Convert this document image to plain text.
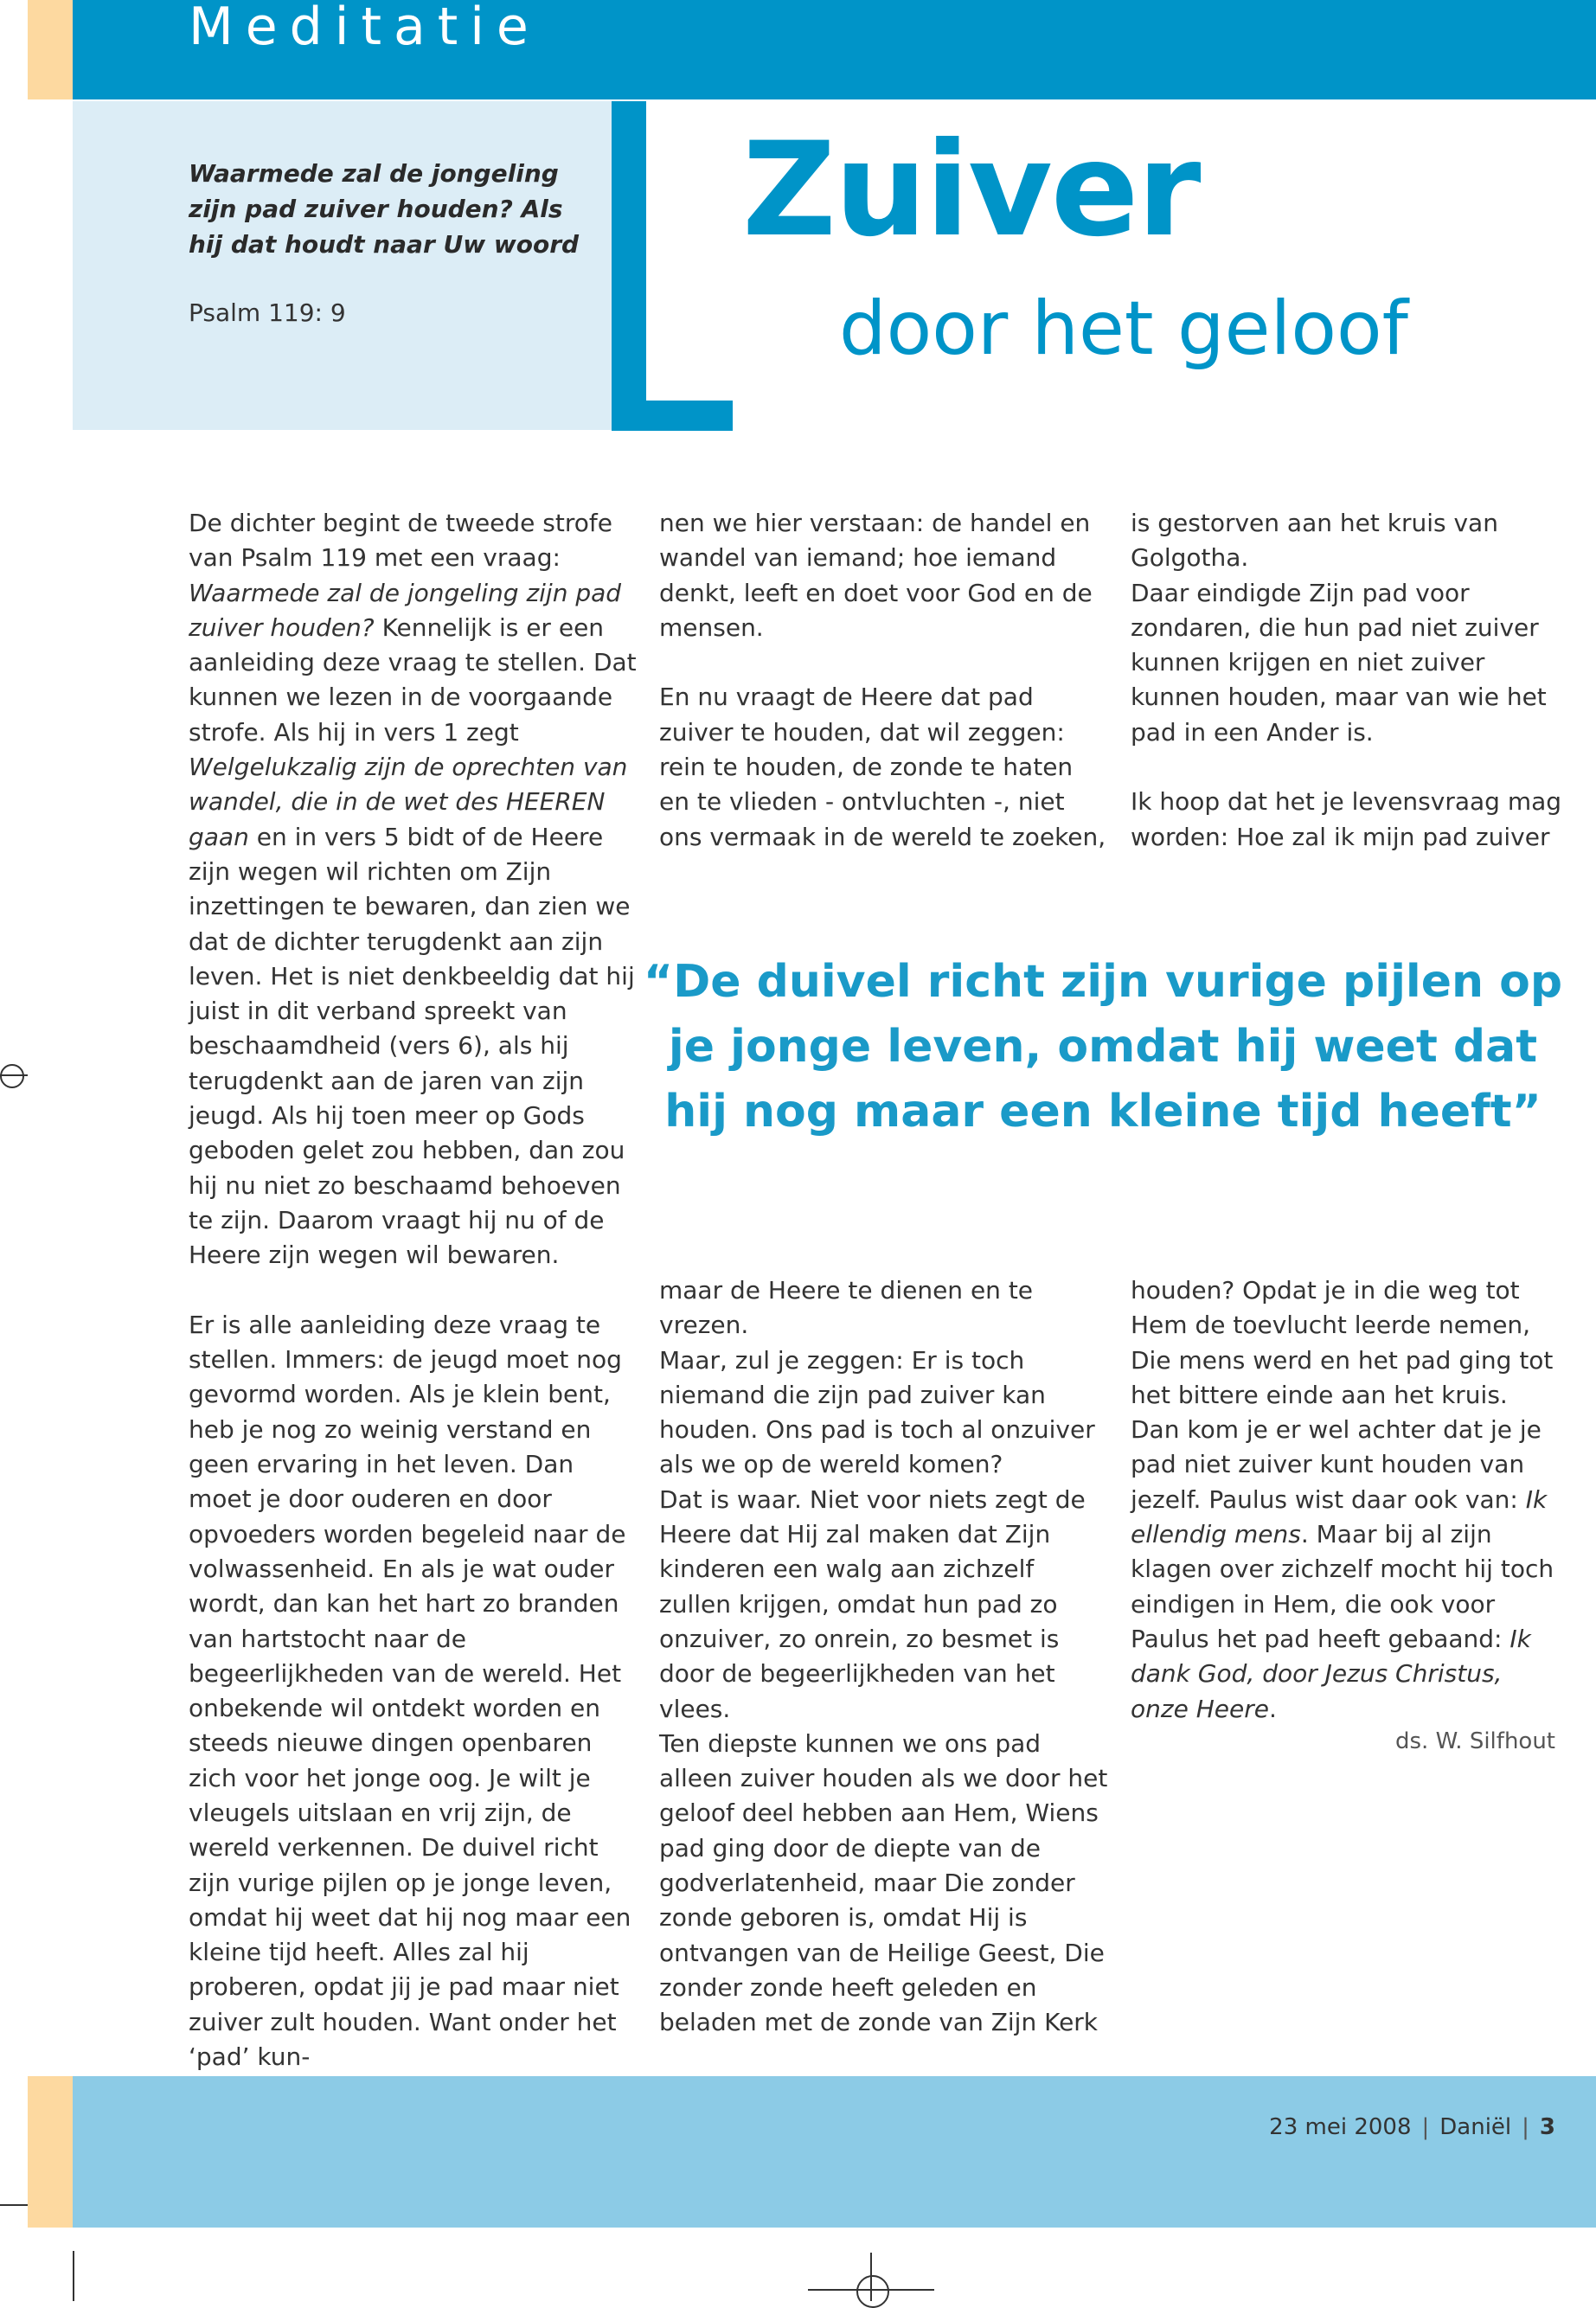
Meditatie
Waarmede zal de jongeling zijn pad zuiver houden? Als hij dat houdt naar Uw woord
Psalm 119: 9
Zuiver
door het geloof

De dichter begint de tweede strofe van Psalm 119 met een vraag: Waarmede zal de jongeling zijn pad zuiver houden? Kennelijk is er een aanleiding deze vraag te stellen. Dat kunnen we lezen in de voorgaande strofe. Als hij in vers 1 zegt Welgelukzalig zijn de oprechten van wandel, die in de wet des HEEREN gaan en in vers 5 bidt of de Heere zijn wegen wil richten om Zijn inzettingen te bewaren, dan zien we dat de dichter terugdenkt aan zijn leven. Het is niet denkbeeldig dat hij juist in dit verband spreekt van beschaamdheid (vers 6), als hij terugdenkt aan de jaren van zijn jeugd. Als hij toen meer op Gods geboden gelet zou hebben, dan zou hij nu niet zo beschaamd behoeven te zijn. Daarom vraagt hij nu of de Heere zijn wegen wil bewaren.

Er is alle aanleiding deze vraag te stellen. Immers: de jeugd moet nog gevormd worden. Als je klein bent, heb je nog zo weinig verstand en geen ervaring in het leven. Dan moet je door ouderen en door opvoeders worden begeleid naar de volwassenheid. En als je wat ouder wordt, dan kan het hart zo branden van hartstocht naar de begeerlijkheden van de wereld. Het onbekende wil ontdekt worden en steeds nieuwe dingen openbaren zich voor het jonge oog. Je wilt je vleugels uitslaan en vrij zijn, de wereld verkennen. De duivel richt zijn vurige pijlen op je jonge leven, omdat hij weet dat hij nog maar een kleine tijd heeft. Alles zal hij proberen, opdat jij je pad maar niet zuiver zult houden. Want onder het ‘pad’ kun-

nen we hier verstaan: de handel en wandel van iemand; hoe iemand denkt, leeft en doet voor God en de mensen.

En nu vraagt de Heere dat pad zuiver te houden, dat wil zeggen: rein te houden, de zonde te haten en te vlieden - ontvluchten -, niet ons vermaak in de wereld te zoeken,

is gestorven aan het kruis van Golgotha.

Daar eindigde Zijn pad voor zondaren, die hun pad niet zuiver kunnen krijgen en niet zuiver kunnen houden, maar van wie het pad in een Ander is.

Ik hoop dat het je levensvraag mag worden: Hoe zal ik mijn pad zuiver

“De duivel richt zijn vurige pijlen op je jonge leven, omdat hij weet dat hij nog maar een kleine tijd heeft”

maar de Heere te dienen en te vrezen.

Maar, zul je zeggen: Er is toch niemand die zijn pad zuiver kan houden. Ons pad is toch al onzuiver als we op de wereld komen?

Dat is waar. Niet voor niets zegt de Heere dat Hij zal maken dat Zijn kinderen een walg aan zichzelf zullen krijgen, omdat hun pad zo onzuiver, zo onrein, zo besmet is door de begeerlijkheden van het vlees.

Ten diepste kunnen we ons pad alleen zuiver houden als we door het geloof deel hebben aan Hem, Wiens pad ging door de diepte van de godverlatenheid, maar Die zonder zonde geboren is, omdat Hij is ontvangen van de Heilige Geest, Die zonder zonde heeft geleden en beladen met de zonde van Zijn Kerk

houden? Opdat je in die weg tot Hem de toevlucht leerde nemen, Die mens werd en het pad ging tot het bittere einde aan het kruis. Dan kom je er wel achter dat je je pad niet zuiver kunt houden van jezelf. Paulus wist daar ook van: Ik ellendig mens. Maar bij al zijn klagen over zichzelf mocht hij toch eindigen in Hem, die ook voor Paulus het pad heeft gebaand: Ik dank God, door Jezus Christus, onze Heere.

ds. W. Silfhout
23 mei 2008 | Daniël | 3
